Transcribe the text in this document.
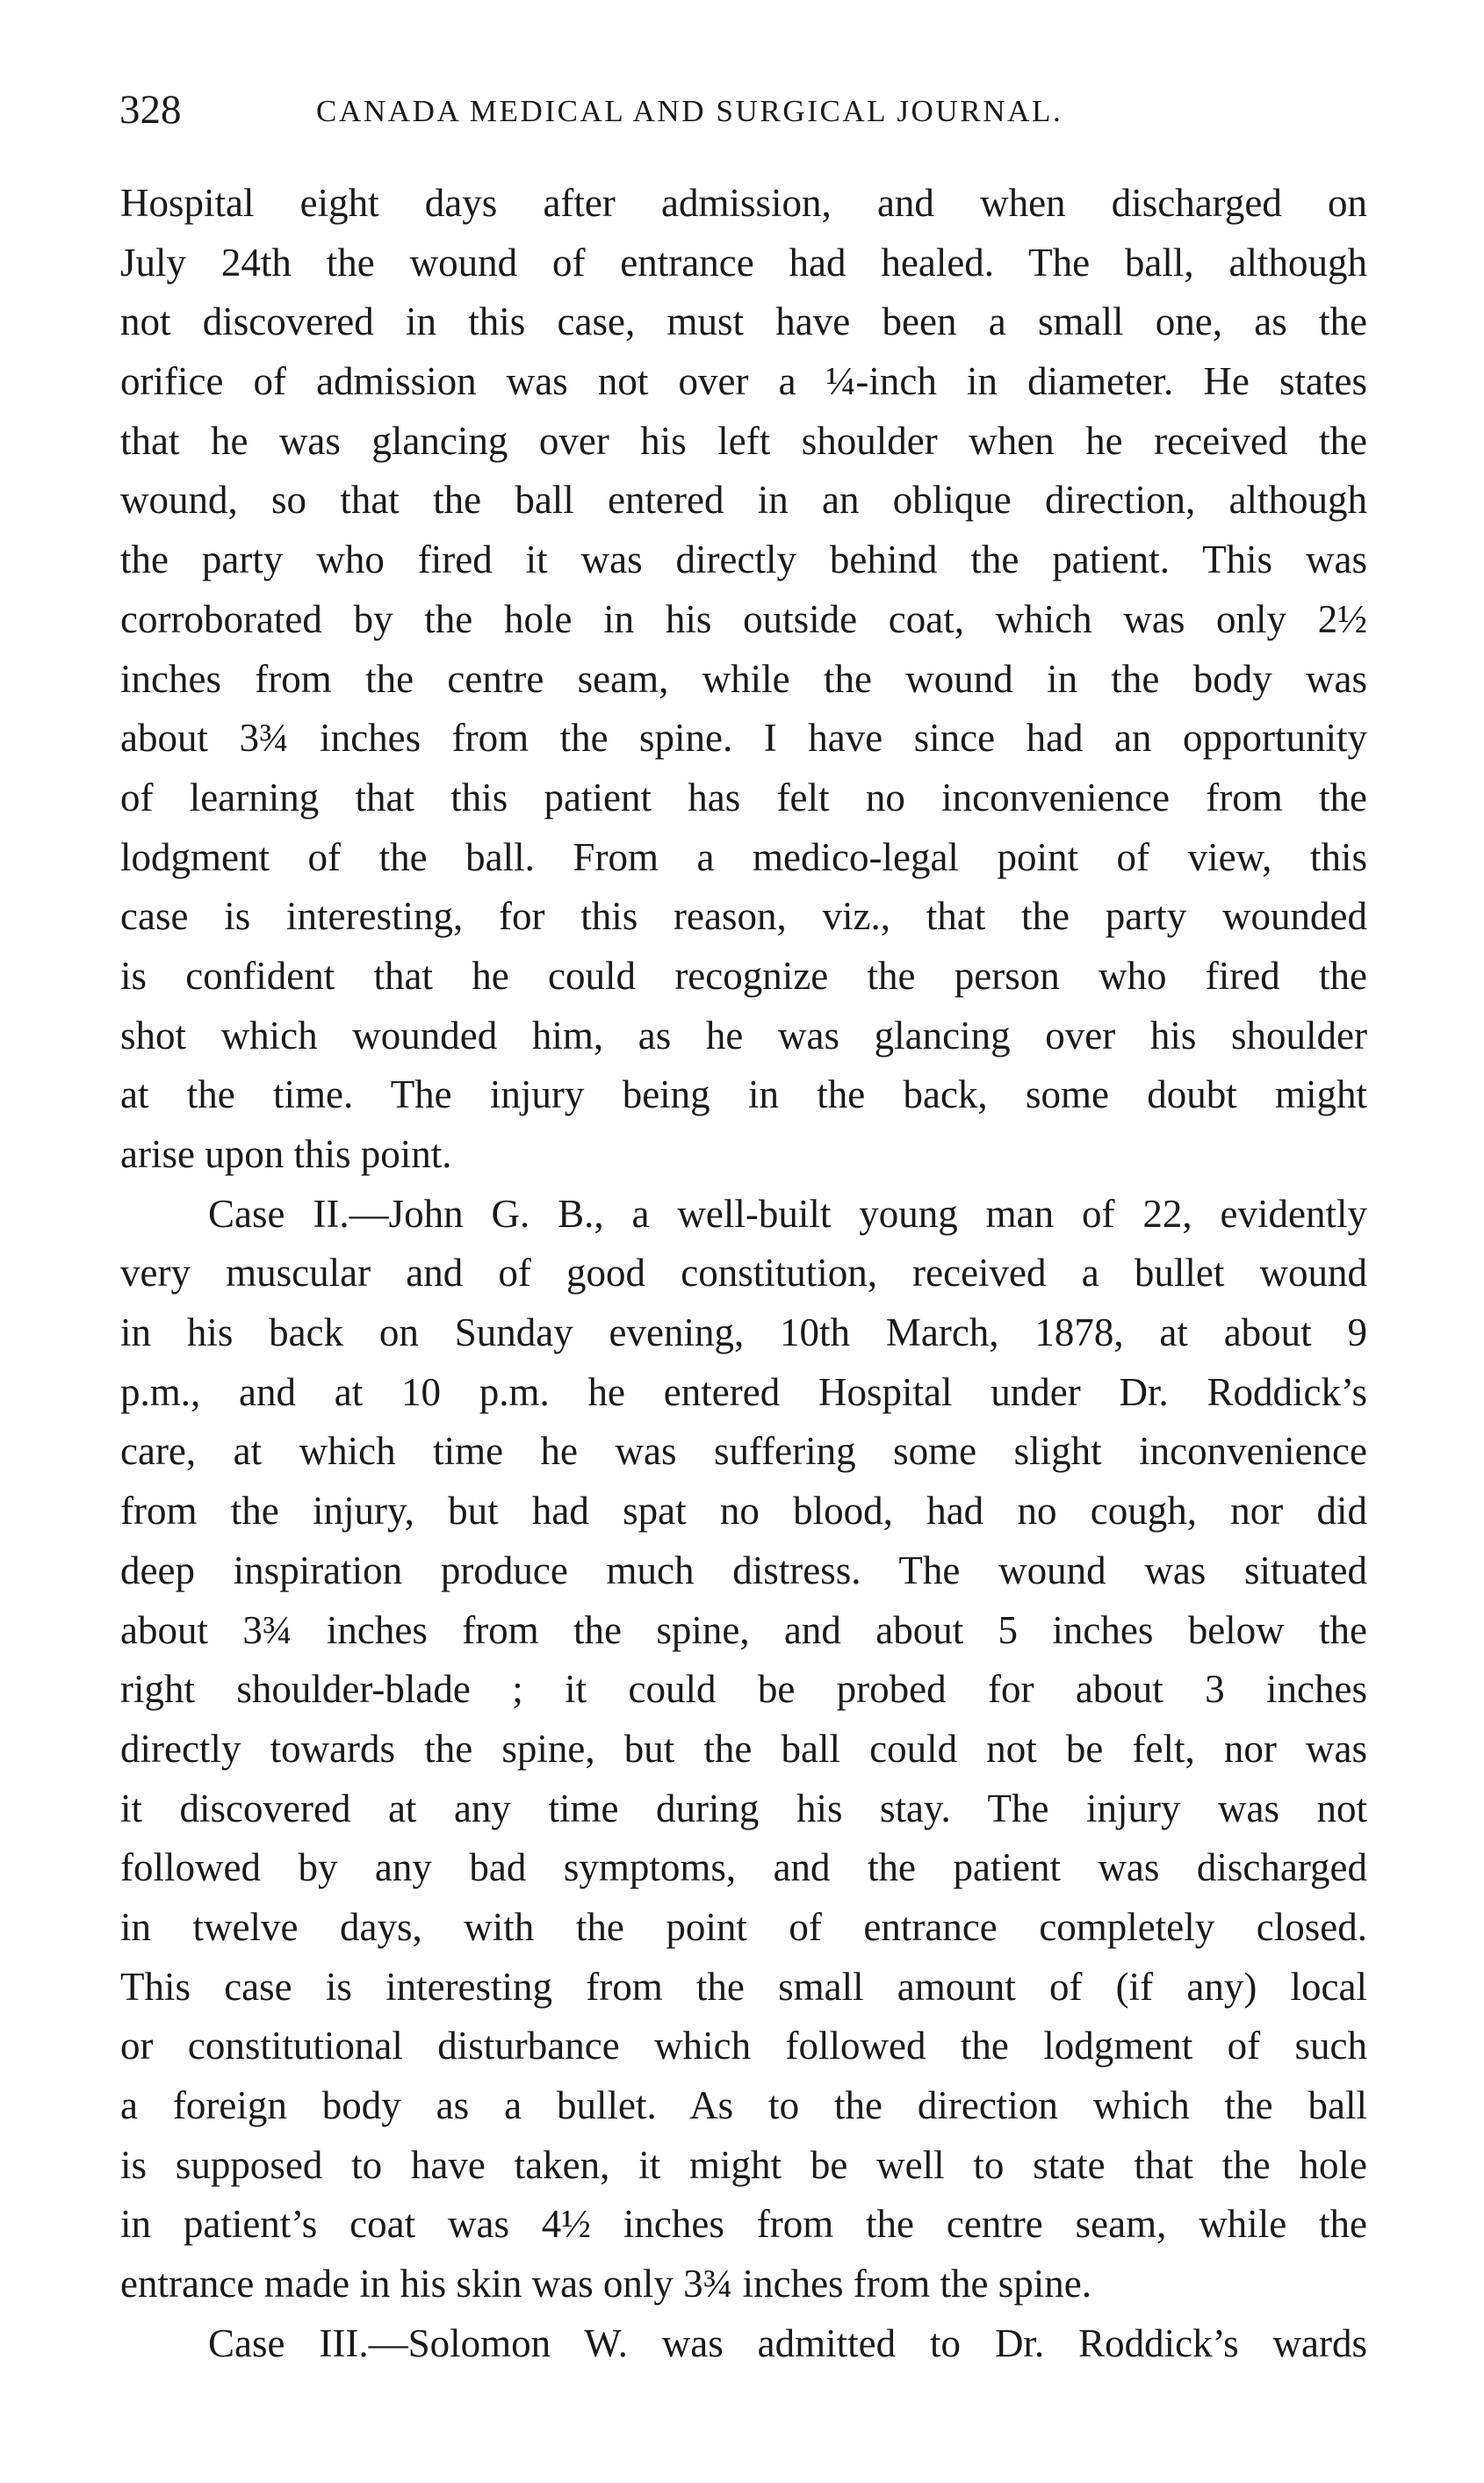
328	CANADA MEDICAL AND SURGICAL JOURNAL.
Hospital eight days after admission, and when discharged on
July 24th the wound of entrance had healed. The ball, although
not discovered in this case, must have been a small one, as the
orifice of admission was not over a ¼-inch in diameter. He states
that he was glancing over his left shoulder when he received the
wound, so that the ball entered in an oblique direction, although
the party who fired it was directly behind the patient. This was
corroborated by the hole in his outside coat, which was only 2½
inches from the centre seam, while the wound in the body was
about 3¾ inches from the spine. I have since had an opportunity
of learning that this patient has felt no inconvenience from the
lodgment of the ball. From a medico-legal point of view, this
case is interesting, for this reason, viz., that the party wounded
is confident that he could recognize the person who fired the
shot which wounded him, as he was glancing over his shoulder
at the time. The injury being in the back, some doubt might
arise upon this point.
Case II.—John G. B., a well-built young man of 22, evidently
very muscular and of good constitution, received a bullet wound
in his back on Sunday evening, 10th March, 1878, at about 9
p.m., and at 10 p.m. he entered Hospital under Dr. Roddick’s
care, at which time he was suffering some slight inconvenience
from the injury, but had spat no blood, had no cough, nor did
deep inspiration produce much distress. The wound was situated
about 3¾ inches from the spine, and about 5 inches below the
right shoulder-blade ; it could be probed for about 3 inches
directly towards the spine, but the ball could not be felt, nor was
it discovered at any time during his stay. The injury was not
followed by any bad symptoms, and the patient was discharged
in twelve days, with the point of entrance completely closed.
This case is interesting from the small amount of (if any) local
or constitutional disturbance which followed the lodgment of such
a foreign body as a bullet. As to the direction which the ball
is supposed to have taken, it might be well to state that the hole
in patient’s coat was 4½ inches from the centre seam, while the
entrance made in his skin was only 3¾ inches from the spine.
Case III.—Solomon W. was admitted to Dr. Roddick’s wards
